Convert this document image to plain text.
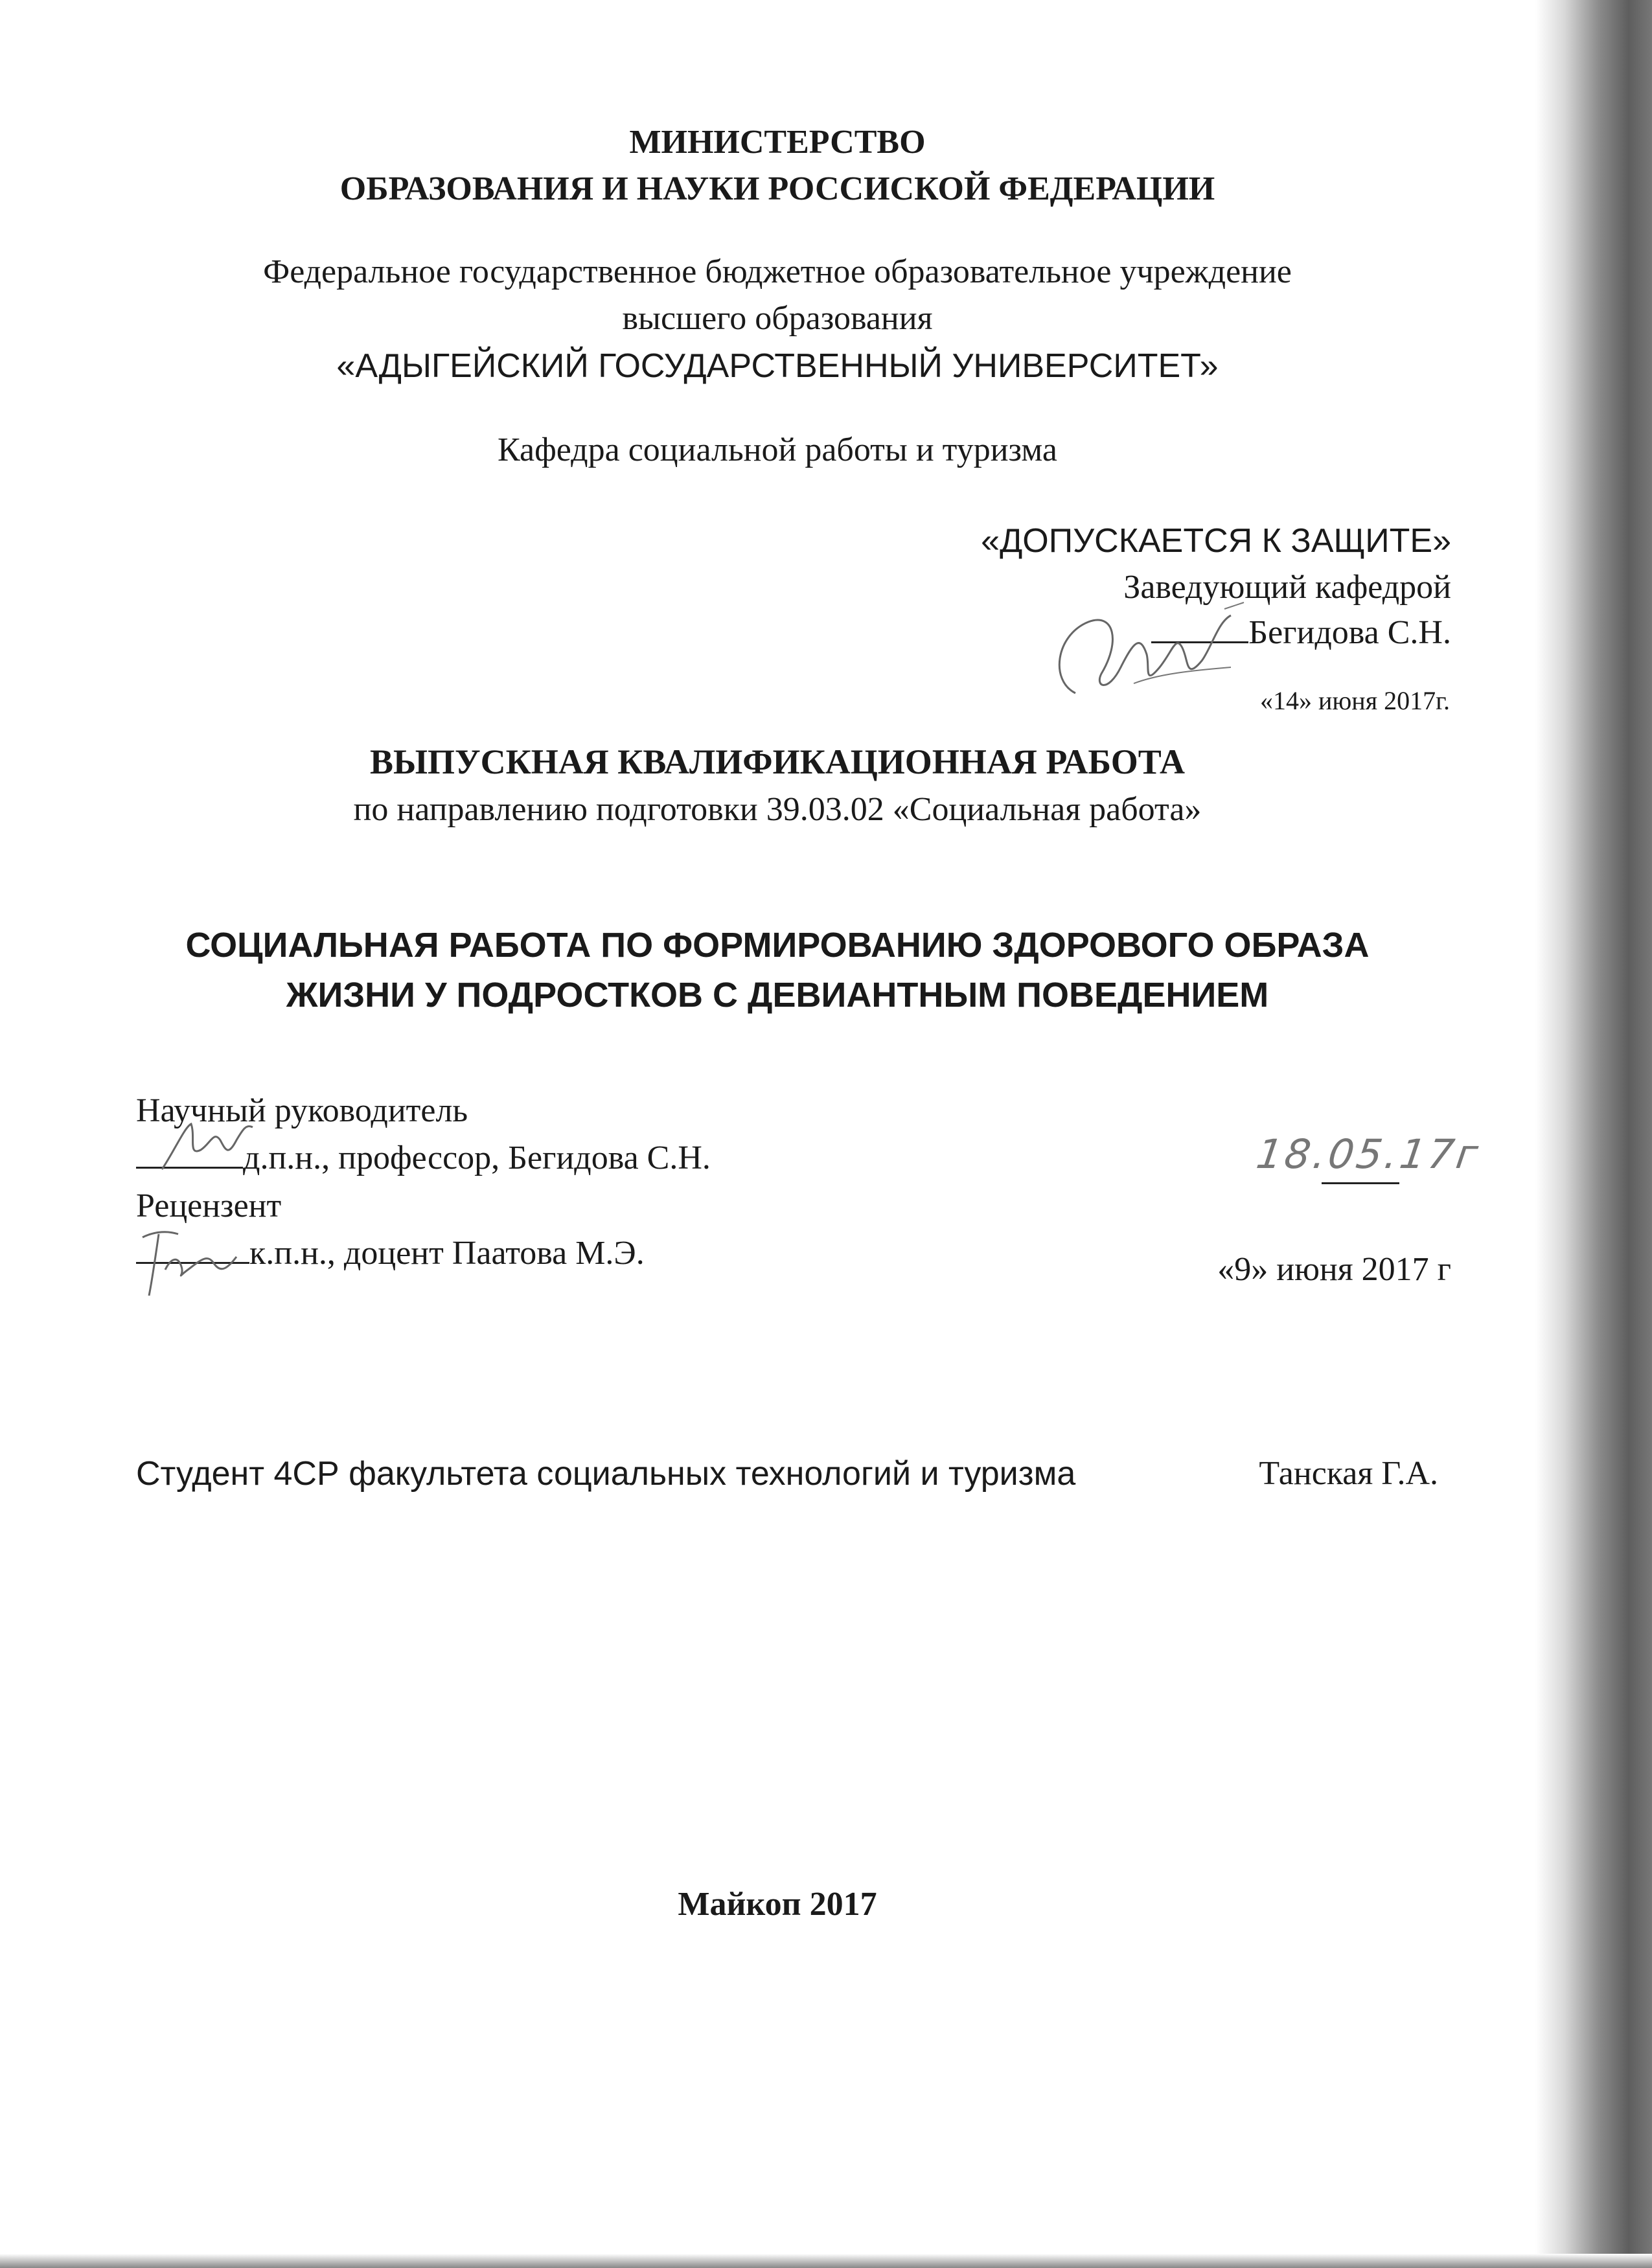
МИНИСТЕРСТВО
ОБРАЗОВАНИЯ И НАУКИ РОССИСКОЙ ФЕДЕРАЦИИ
Федеральное государственное бюджетное образовательное учреждение
высшего образования
«АДЫГЕЙСКИЙ ГОСУДАРСТВЕННЫЙ УНИВЕРСИТЕТ»
Кафедра социальной работы и туризма
«ДОПУСКАЕТСЯ К ЗАЩИТЕ»
Заведующий кафедрой
Бегидова С.Н.
«14» июня 2017г.
ВЫПУСКНАЯ КВАЛИФИКАЦИОННАЯ РАБОТА
по направлению подготовки 39.03.02 «Социальная работа»
СОЦИАЛЬНАЯ РАБОТА ПО ФОРМИРОВАНИЮ ЗДОРОВОГО ОБРАЗА
ЖИЗНИ У ПОДРОСТКОВ С ДЕВИАНТНЫМ ПОВЕДЕНИЕМ
Научный руководитель
д.п.н., профессор, Бегидова С.Н.	18.05.17г
Рецензент
к.п.н., доцент Паатова М.Э.	«9» июня 2017 г
Студент 4СР факультета социальных технологий и туризма	Танская Г.А.
Майкоп 2017
